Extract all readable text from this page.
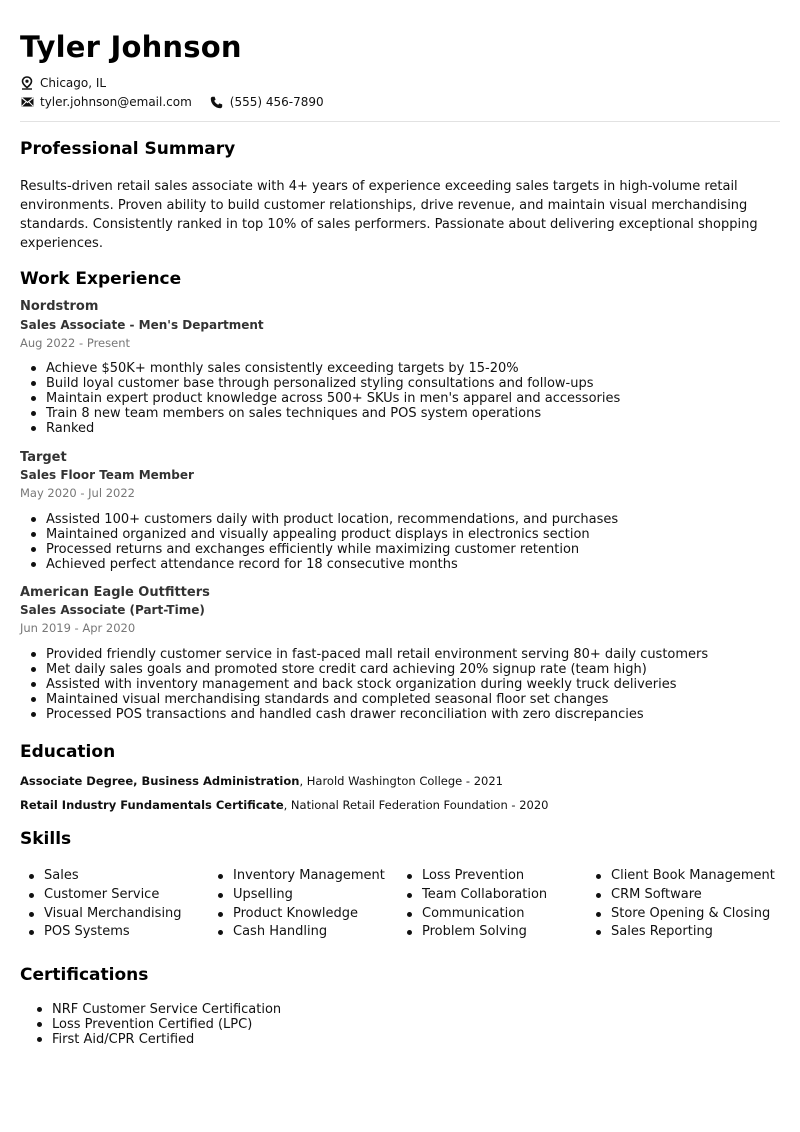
Tyler Johnson
Chicago, IL
tyler.johnson@email.com	(555) 456-7890
Professional Summary
Results-driven retail sales associate with 4+ years of experience exceeding sales targets in high-volume retail environments. Proven ability to build customer relationships, drive revenue, and maintain visual merchandising standards. Consistently ranked in top 10% of sales performers. Passionate about delivering exceptional shopping experiences.
Work Experience
Nordstrom
Sales Associate - Men's Department
Aug 2022 - Present
Achieve $50K+ monthly sales consistently exceeding targets by 15-20%
Build loyal customer base through personalized styling consultations and follow-ups
Maintain expert product knowledge across 500+ SKUs in men's apparel and accessories
Train 8 new team members on sales techniques and POS system operations
Ranked
Target
Sales Floor Team Member
May 2020 - Jul 2022
Assisted 100+ customers daily with product location, recommendations, and purchases
Maintained organized and visually appealing product displays in electronics section
Processed returns and exchanges efficiently while maximizing customer retention
Achieved perfect attendance record for 18 consecutive months
American Eagle Outfitters
Sales Associate (Part-Time)
Jun 2019 - Apr 2020
Provided friendly customer service in fast-paced mall retail environment serving 80+ daily customers
Met daily sales goals and promoted store credit card achieving 20% signup rate (team high)
Assisted with inventory management and back stock organization during weekly truck deliveries
Maintained visual merchandising standards and completed seasonal floor set changes
Processed POS transactions and handled cash drawer reconciliation with zero discrepancies
Education
Associate Degree, Business Administration, Harold Washington College - 2021
Retail Industry Fundamentals Certificate, National Retail Federation Foundation - 2020
Skills
Sales
Customer Service
Visual Merchandising
POS Systems
Inventory Management
Upselling
Product Knowledge
Cash Handling
Loss Prevention
Team Collaboration
Communication
Problem Solving
Client Book Management
CRM Software
Store Opening & Closing
Sales Reporting
Certifications
NRF Customer Service Certification
Loss Prevention Certified (LPC)
First Aid/CPR Certified
